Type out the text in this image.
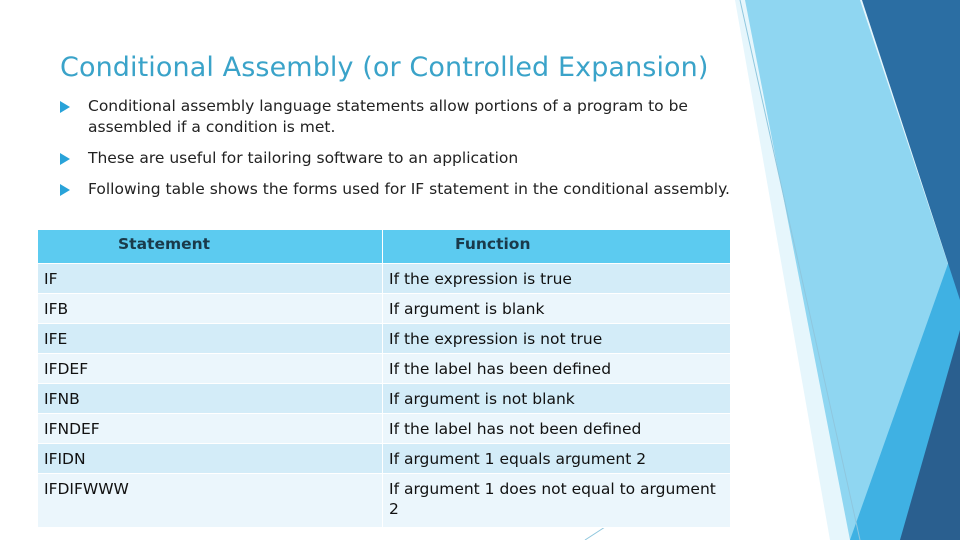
Conditional Assembly (or Controlled Expansion)
Conditional assembly language statements allow portions of a program to be assembled if a condition is met.
These are useful for tailoring software to an application
Following table shows the forms used for IF statement in the conditional assembly.
Statement	Function
IF	If the expression is true
IFB	If argument is blank
IFE	If the expression is not true
IFDEF	If the label has been defined
IFNB	If argument is not blank
IFNDEF	If the label has not been defined
IFIDN	If argument 1 equals argument 2
IFDIFWWW	If argument 1 does not equal to argument 2
